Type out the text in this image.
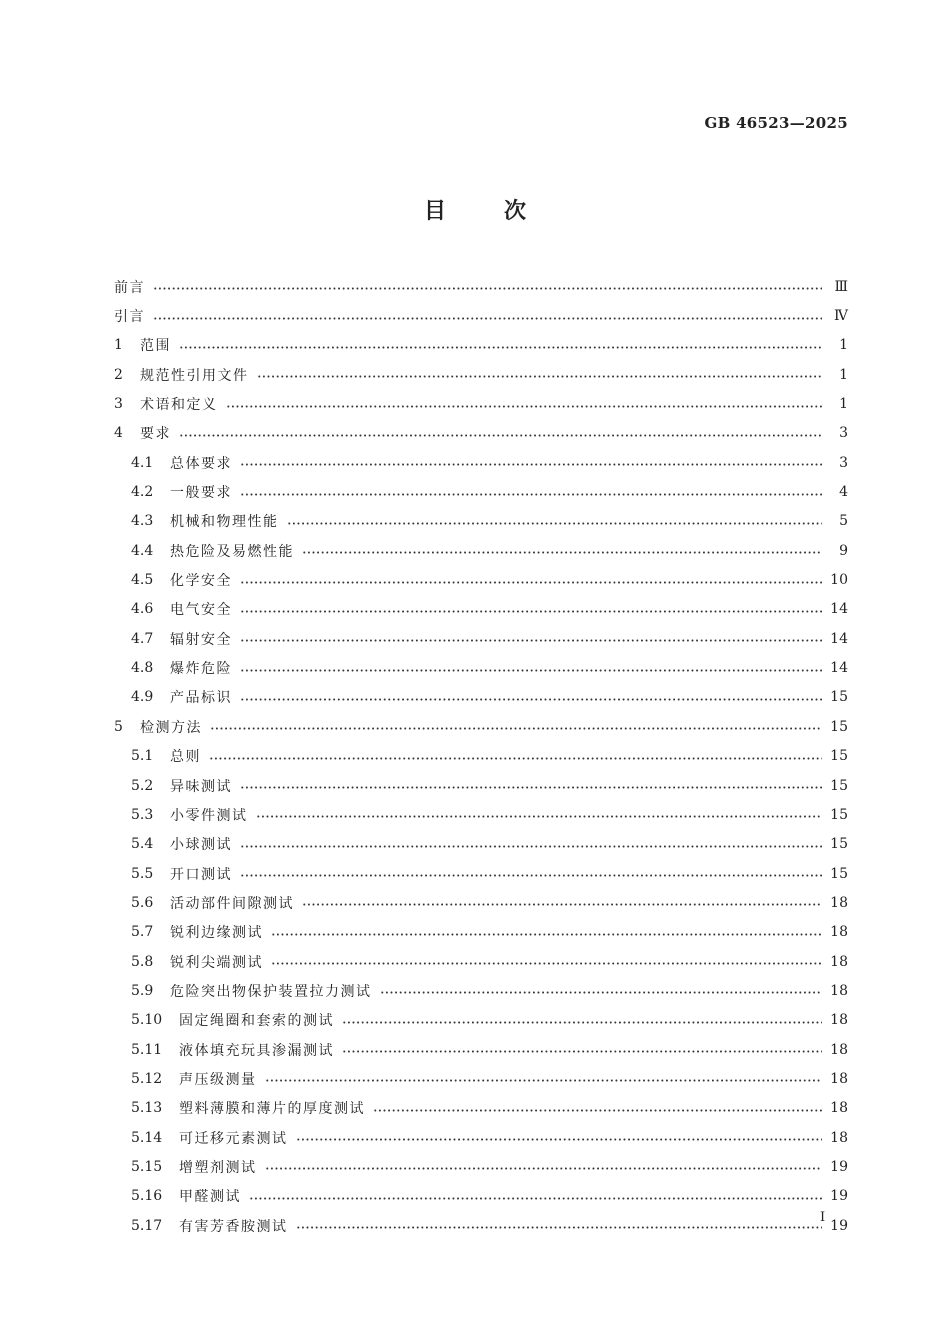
GB 46523—2025
目次
前言	Ⅲ
引言	Ⅳ
1	范围	1
2	规范性引用文件	1
3	术语和定义	1
4	要求	3
4.1	总体要求	3
4.2	一般要求	4
4.3	机械和物理性能	5
4.4	热危险及易燃性能	9
4.5	化学安全	10
4.6	电气安全	14
4.7	辐射安全	14
4.8	爆炸危险	14
4.9	产品标识	15
5	检测方法	15
5.1	总则	15
5.2	异味测试	15
5.3	小零件测试	15
5.4	小球测试	15
5.5	开口测试	15
5.6	活动部件间隙测试	18
5.7	锐利边缘测试	18
5.8	锐利尖端测试	18
5.9	危险突出物保护装置拉力测试	18
5.10	固定绳圈和套索的测试	18
5.11	液体填充玩具渗漏测试	18
5.12	声压级测量	18
5.13	塑料薄膜和薄片的厚度测试	18
5.14	可迁移元素测试	18
5.15	增塑剂测试	19
5.16	甲醛测试	19
5.17	有害芳香胺测试	19
I
